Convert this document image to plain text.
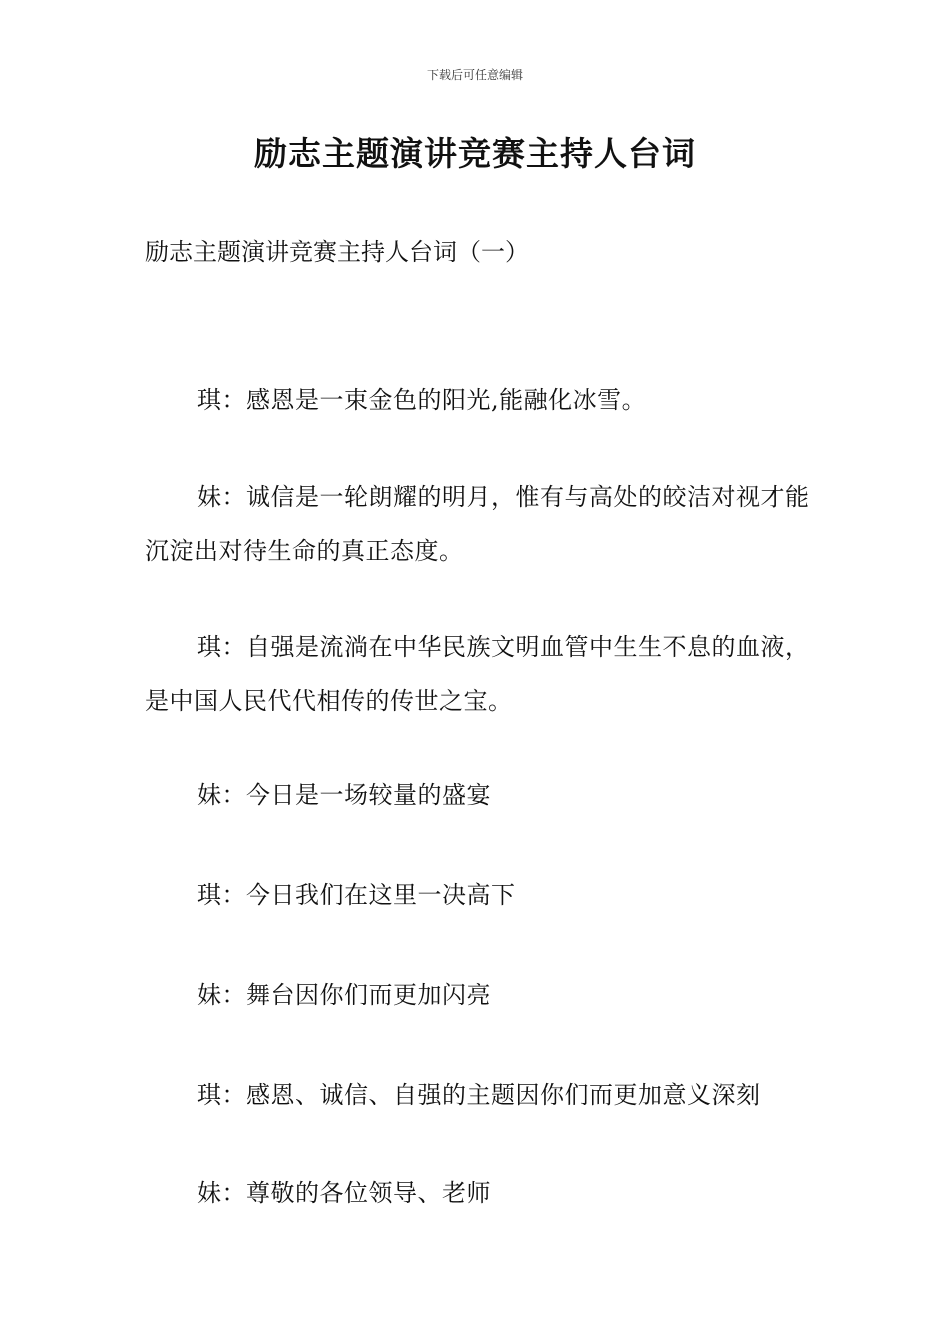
下载后可任意编辑
励志主题演讲竞赛主持人台词

励志主题演讲竞赛主持人台词（一）

琪：感恩是一束金色的阳光,能融化冰雪。

妹：诚信是一轮朗耀的明月，惟有与高处的皎洁对视才能沉淀出对待生命的真正态度。

琪：自强是流淌在中华民族文明血管中生生不息的血液，是中国人民代代相传的传世之宝。

妹：今日是一场较量的盛宴

琪：今日我们在这里一决高下

妹：舞台因你们而更加闪亮

琪：感恩、诚信、自强的主题因你们而更加意义深刻

妹：尊敬的各位领导、老师
